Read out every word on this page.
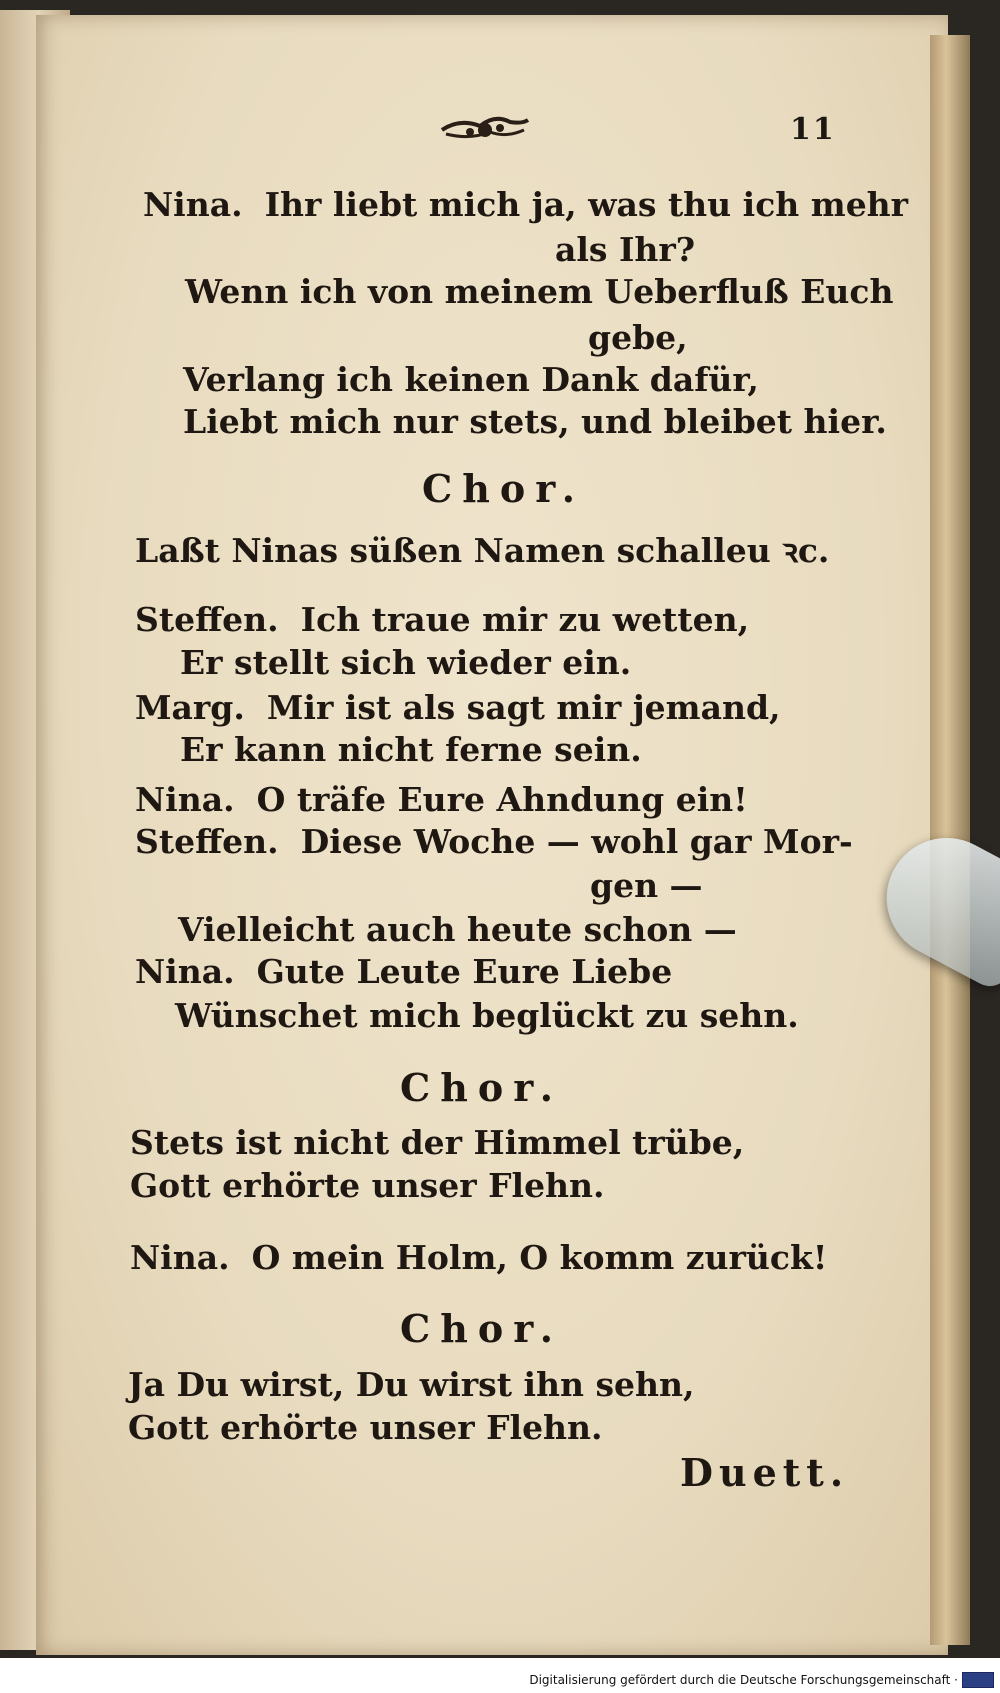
11
Nina. Ihr liebt mich ja, was thu ich mehr
als Ihr?
Wenn ich von meinem Ueberfluß Euch
gebe,
Verlang ich keinen Dank dafür,
Liebt mich nur stets, und bleibet hier.
Chor.
Laßt Ninas süßen Namen schalleu ꝛc.
Steffen. Ich traue mir zu wetten,
Er stellt sich wieder ein.
Marg. Mir ist als sagt mir jemand,
Er kann nicht ferne sein.
Nina. O träfe Eure Ahndung ein!
Steffen. Diese Woche — wohl gar Mor-
gen —
Vielleicht auch heute schon —
Nina. Gute Leute Eure Liebe
Wünschet mich beglückt zu sehn.
Chor.
Stets ist nicht der Himmel trübe,
Gott erhörte unser Flehn.
Nina. O mein Holm, O komm zurück!
Chor.
Ja Du wirst, Du wirst ihn sehn,
Gott erhörte unser Flehn.
Duett.
Digitalisierung gefördert durch die Deutsche Forschungsgemeinschaft ·
